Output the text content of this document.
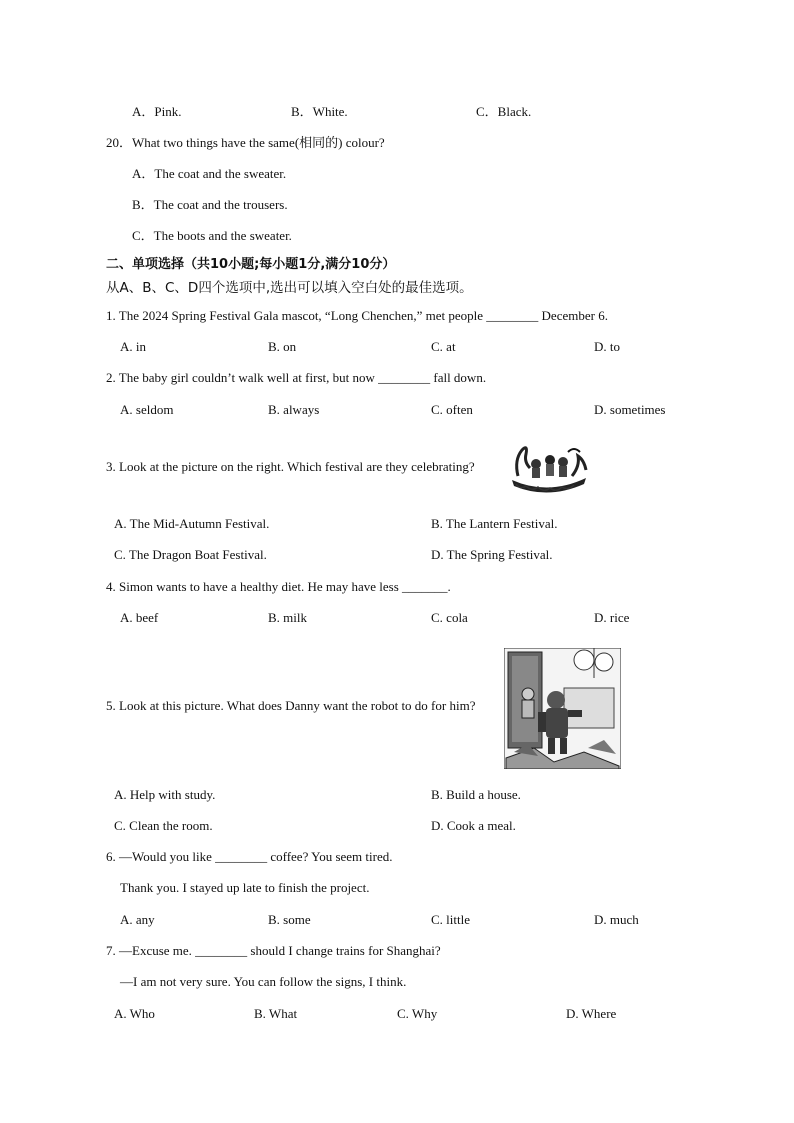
A．Pink.	B．White.	C．Black.
20．What two things have the same(相同的) colour?
A．The coat and the sweater.
B．The coat and the trousers.
C．The boots and the sweater.
二、单项选择（共10小题;每小题1分,满分10分）
从A、B、C、D四个选项中,选出可以填入空白处的最佳选项。
1. The 2024 Spring Festival Gala mascot, “Long Chenchen,” met people ________ December 6.
A. in	B. on	C. at	D. to
2. The baby girl couldn’t walk well at first, but now ________ fall down.
A. seldom	B. always	C. often	D. sometimes
3. Look at the picture on the right. Which festival are they celebrating?
A. The Mid-Autumn Festival.	B. The Lantern Festival.
C. The Dragon Boat Festival.	D. The Spring Festival.
4. Simon wants to have a healthy diet. He may have less _______.
A. beef	B. milk	C. cola	D. rice
5. Look at this picture. What does Danny want the robot to do for him?
A. Help with study.	B. Build a house.
C. Clean the room.	D. Cook a meal.
6. —Would you like ________ coffee? You seem tired.
Thank you. I stayed up late to finish the project.
A. any	B. some	C. little	D. much
7. —Excuse me. ________ should I change trains for Shanghai?
—I am not very sure. You can follow the signs, I think.
A. Who	B. What	C. Why	D. Where
